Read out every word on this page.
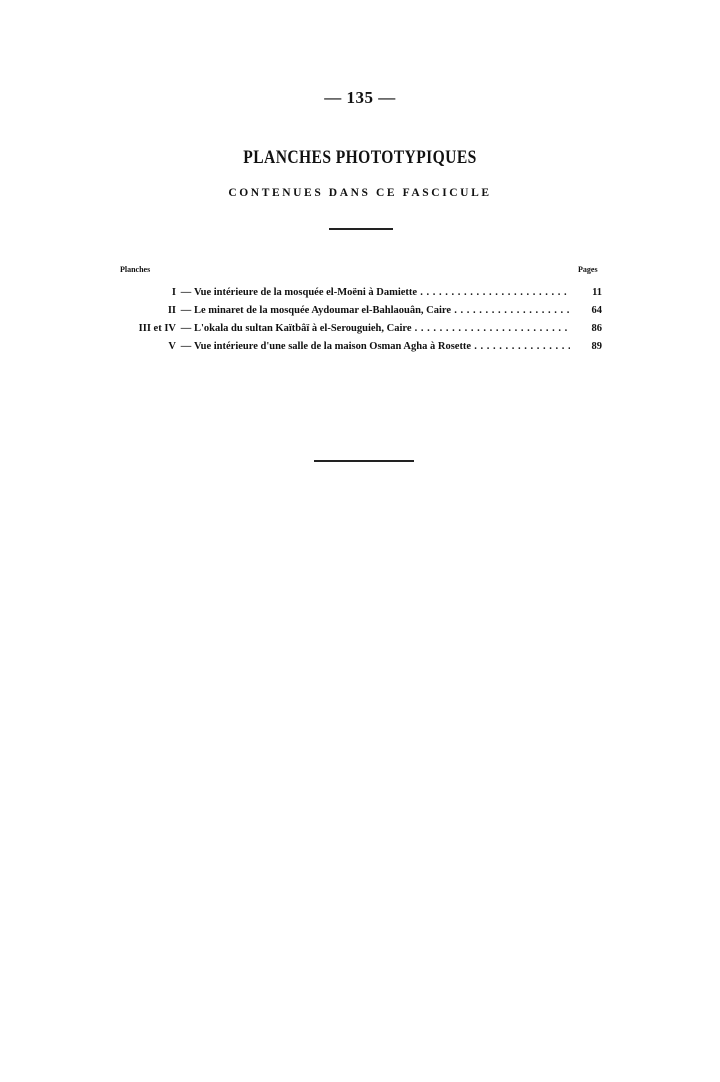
— 135 —
PLANCHES PHOTOTYPIQUES
CONTENUES DANS CE FASCICULE
Planches	Pages
I — Vue intérieure de la mosquée el-Moëni à Damiette . . .	11
II — Le minaret de la mosquée Aydoumar el-Bahlaouân, Caire . . .	64
III et IV — L'okala du sultan Kaïtbâï à el-Serouguieh, Caire . . .	86
V — Vue intérieure d'une salle de la maison Osman Agha à Rosette . . .	89
